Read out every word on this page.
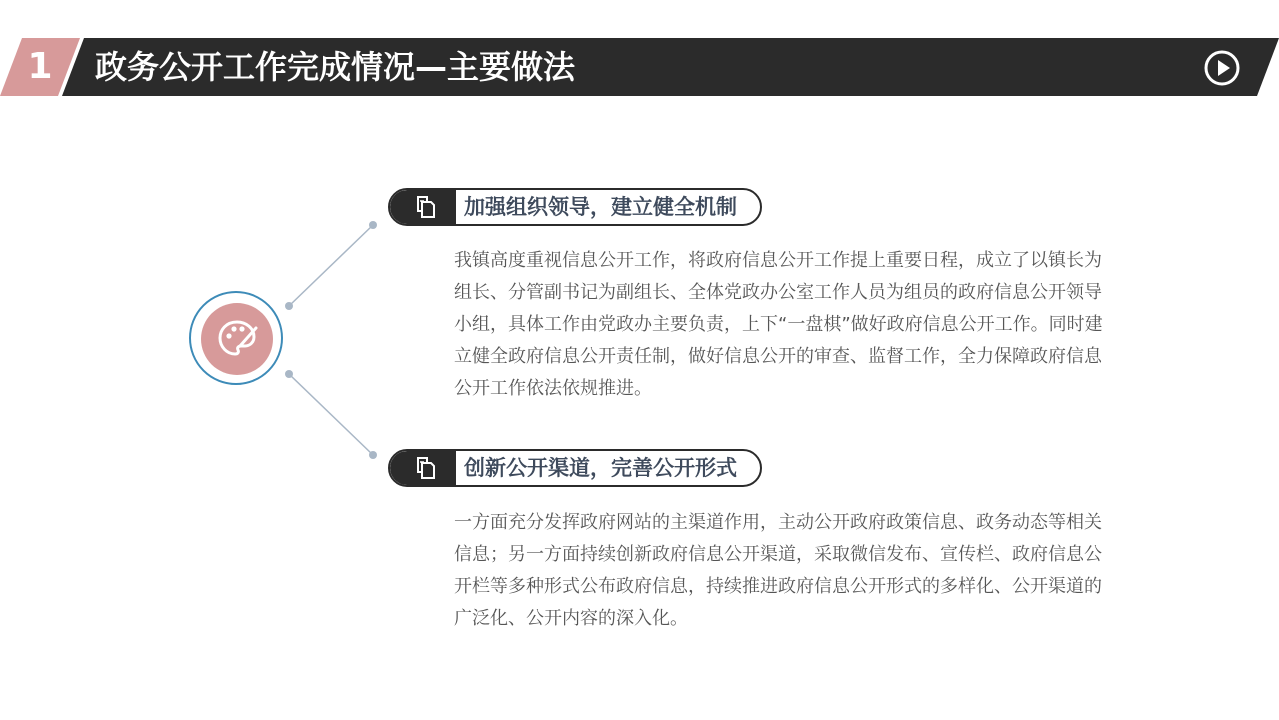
1	政务公开工作完成情况—主要做法
加强组织领导，建立健全机制

我镇高度重视信息公开工作，将政府信息公开工作提上重要日程，成立了以镇长为组长、分管副书记为副组长、全体党政办公室工作人员为组员的政府信息公开领导小组，具体工作由党政办主要负责，上下“一盘棋”做好政府信息公开工作。同时建立健全政府信息公开责任制，做好信息公开的审查、监督工作，全力保障政府信息公开工作依法依规推进。

创新公开渠道，完善公开形式

一方面充分发挥政府网站的主渠道作用，主动公开政府政策信息、政务动态等相关信息；另一方面持续创新政府信息公开渠道，采取微信发布、宣传栏、政府信息公开栏等多种形式公布政府信息，持续推进政府信息公开形式的多样化、公开渠道的广泛化、公开内容的深入化。
